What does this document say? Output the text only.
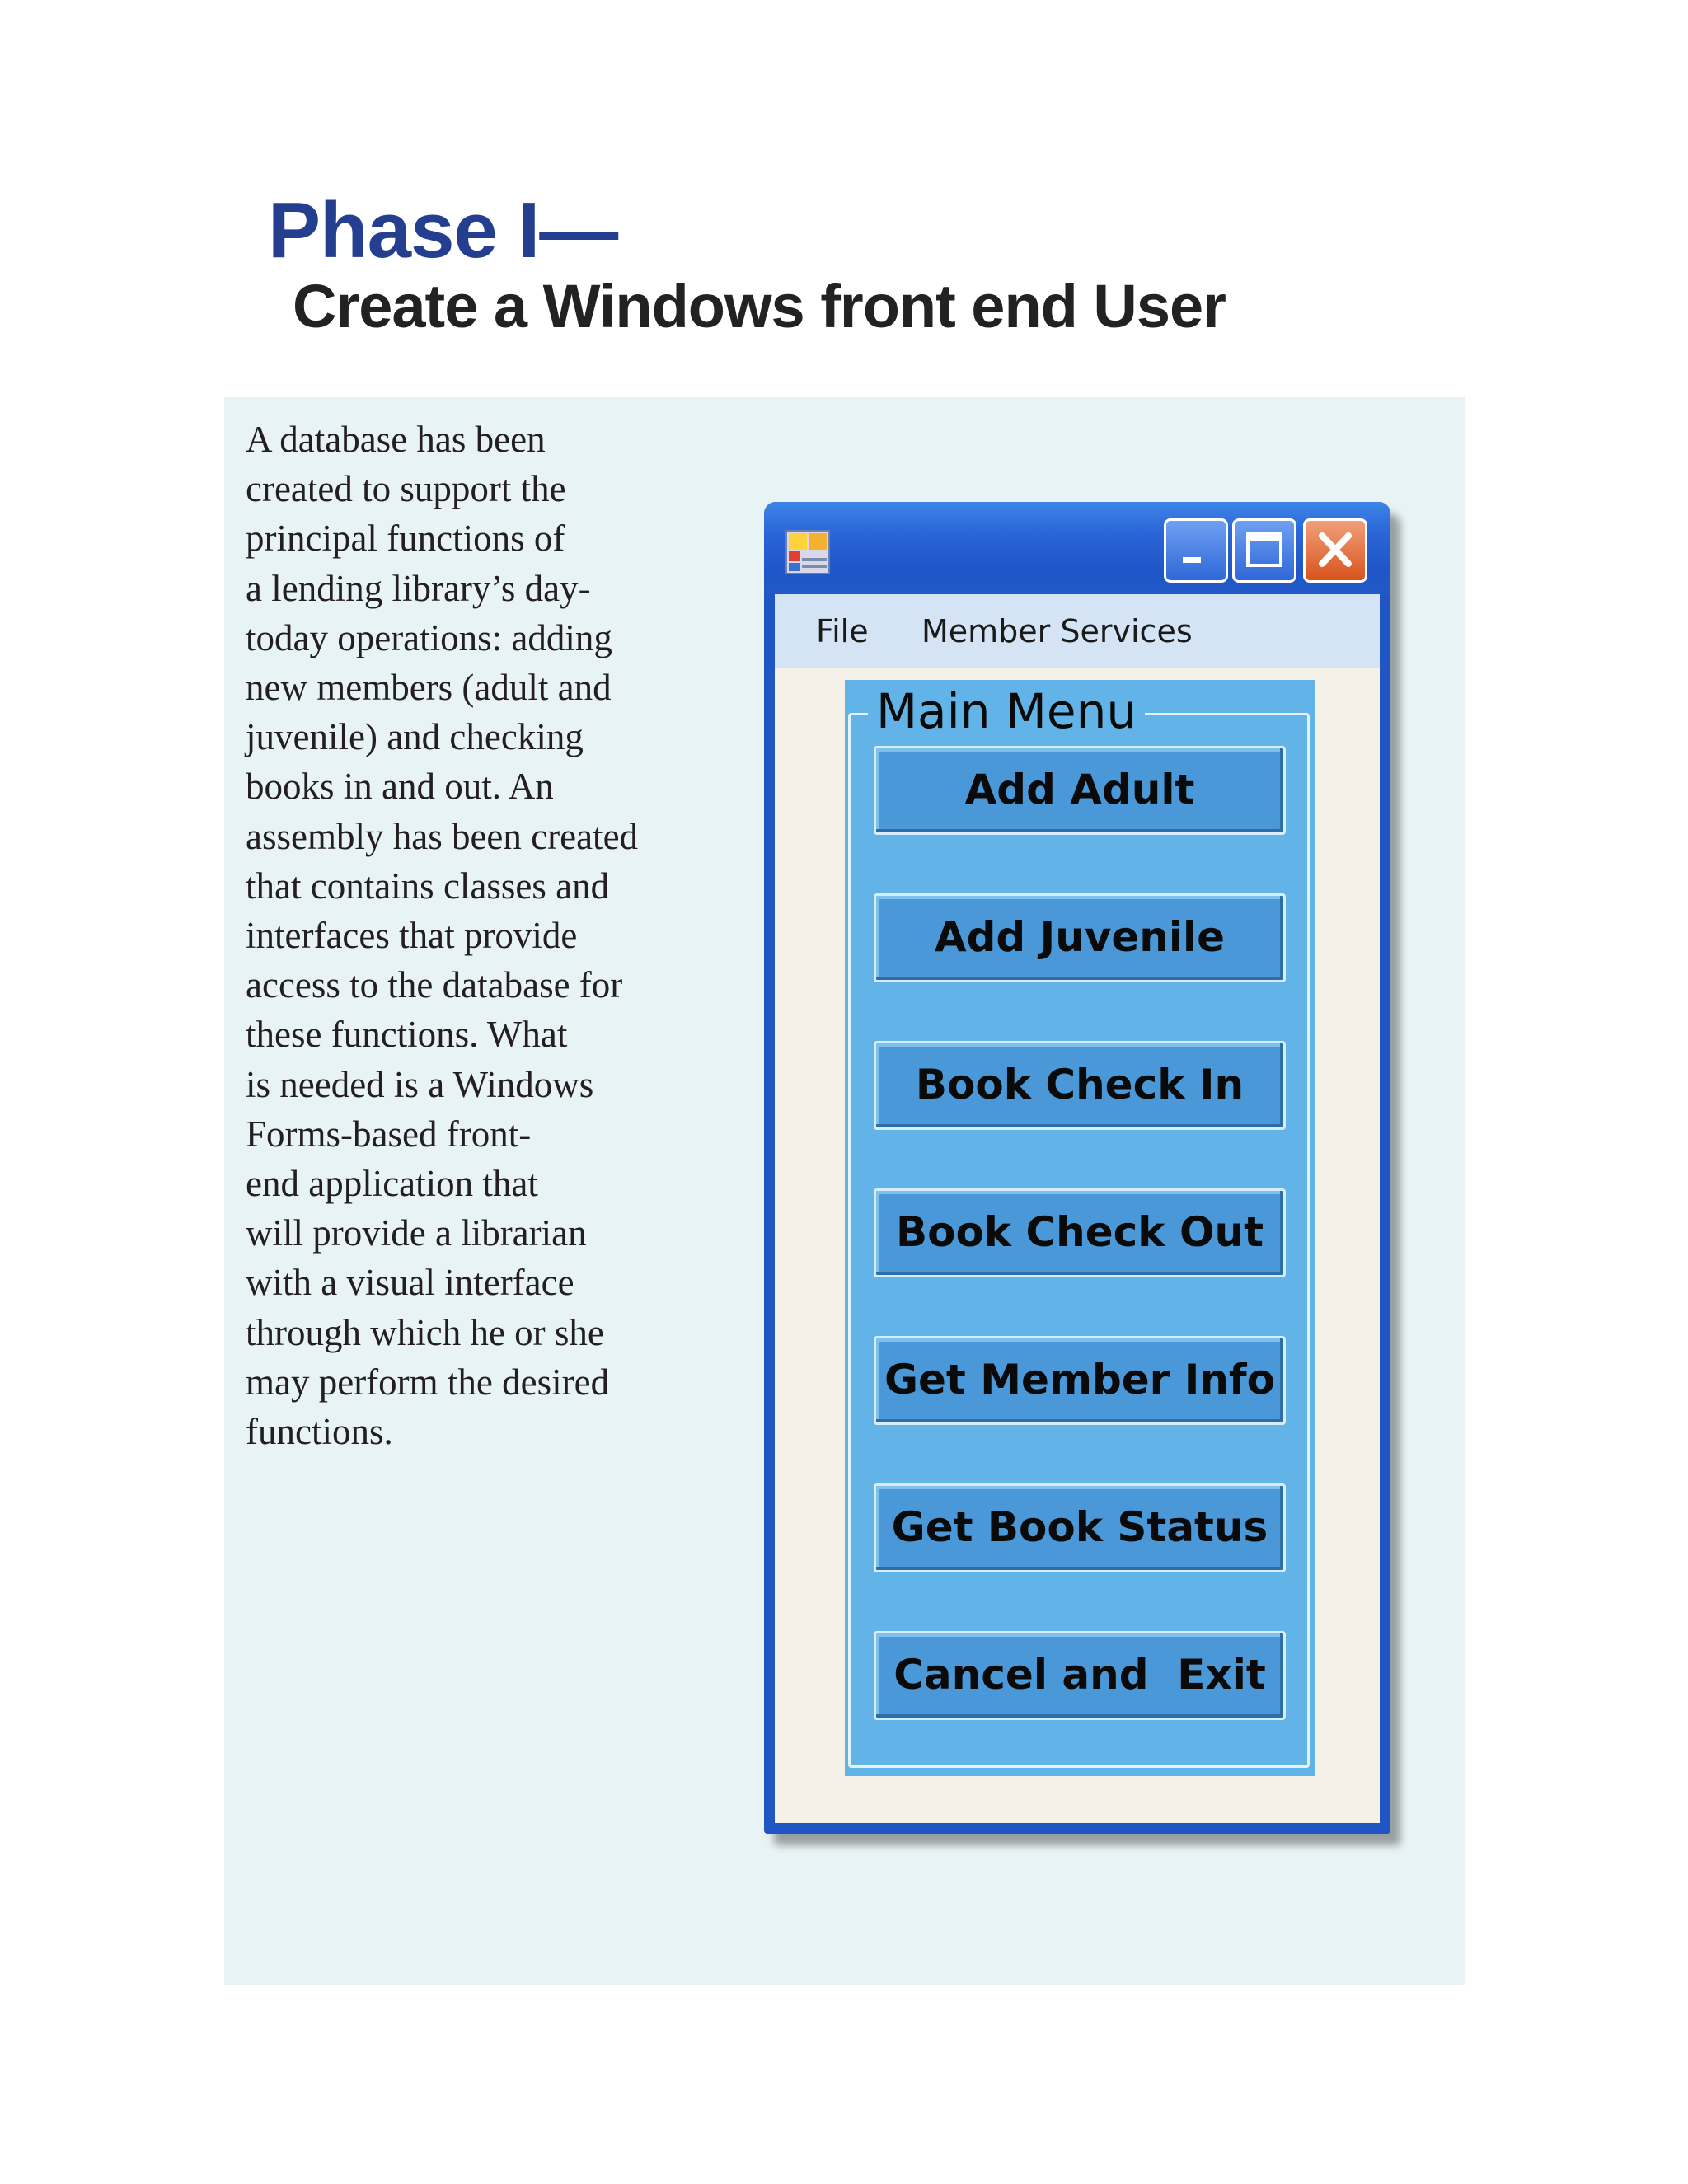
Phase I—
Create a Windows front end User
A database has been
created to support the
principal functions of
a lending library’s day-
today operations: adding
new members (adult and
juvenile) and checking
books in and out. An
assembly has been created
that contains classes and
interfaces that provide
access to the database for
these functions. What
is needed is a Windows
Forms-based front-
end application that
will provide a librarian
with a visual interface
through which he or she
may perform the desired
functions.
File Member Services
Main Menu
Add Adult
Add Juvenile
Book Check In
Book Check Out
Get Member Info
Get Book Status
Cancel and  Exit
